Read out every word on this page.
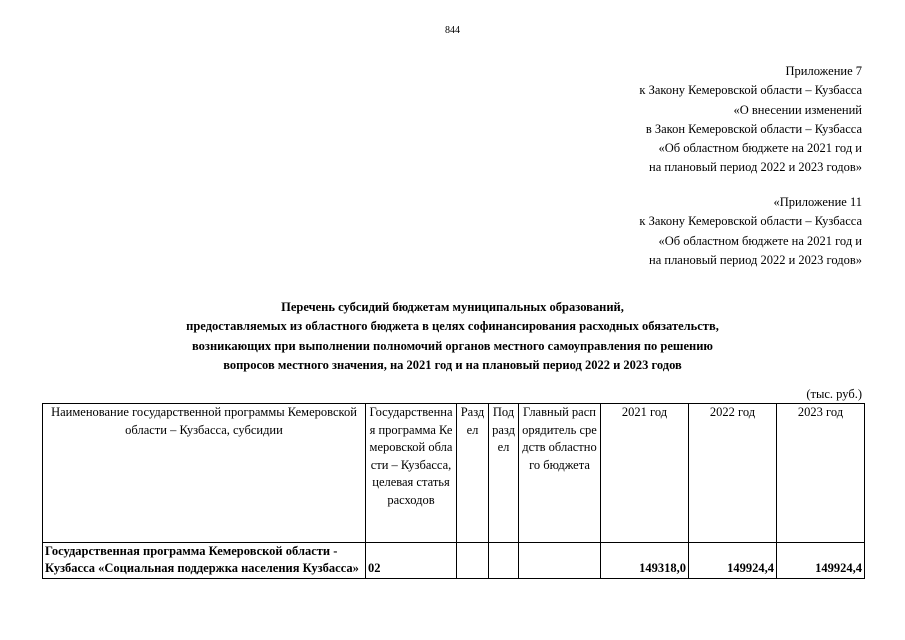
844
Приложение 7
к Закону Кемеровской области – Кузбасса
«О внесении изменений
в Закон Кемеровской области – Кузбасса
«Об областном бюджете на 2021 год и
на плановый период 2022 и 2023 годов»
«Приложение 11
к Закону Кемеровской области – Кузбасса
«Об областном бюджете на 2021 год и
на плановый период 2022 и 2023 годов»
Перечень субсидий бюджетам муниципальных образований,
предоставляемых из областного бюджета в целях софинансирования расходных обязательств,
возникающих при выполнении полномочий органов местного самоуправления по решению
вопросов местного значения, на 2021 год и на плановый период 2022 и 2023 годов
(тыс. руб.)
Наименование государственной программы Кемеровской области – Кузбасса, субсидии	Государственная программа Кемеровской области – Кузбасса, целевая статья расходов	Раздел	Подраздел	Главный распорядитель средств областного бюджета	2021 год	2022 год	2023 год
Государственная программа Кемеровской области - Кузбасса «Социальная поддержка населения Кузбасса»	02				149318,0	149924,4	149924,4
